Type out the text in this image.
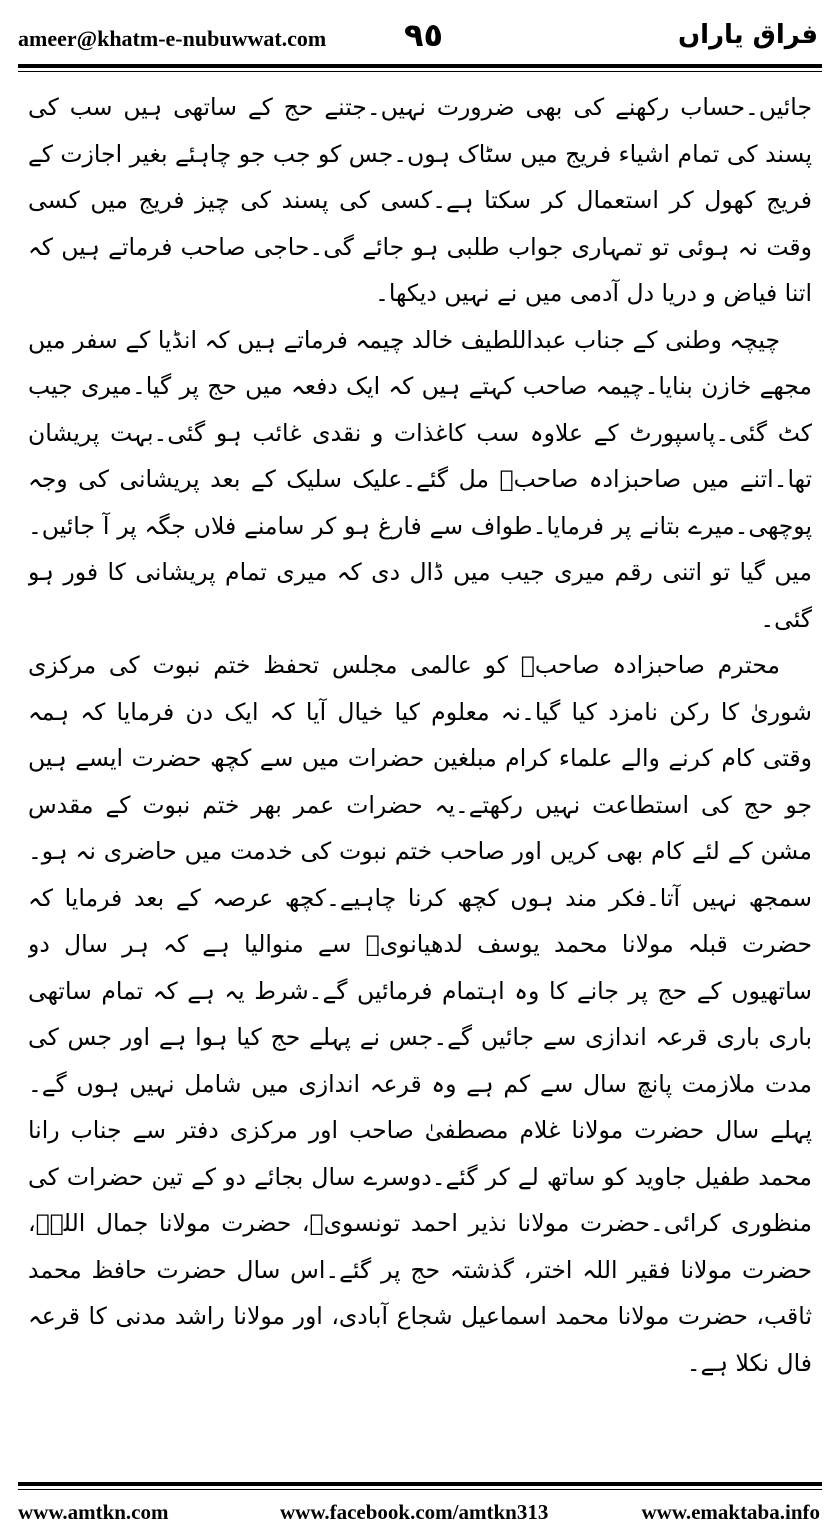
ameer@khatm-e-nubuwwat.com ٩٥	فراق یاراں

جائیں۔حساب رکھنے کی بھی ضرورت نہیں۔جتنے حج کے ساتھی ہیں سب کی پسند کی تمام اشیاء فریج میں سٹاک ہوں۔جس کو جب جو چاہئے بغیر اجازت کے فریج کھول کر استعمال کر سکتا ہے۔کسی کی پسند کی چیز فریج میں کسی وقت نہ ہوئی تو تمہاری جواب طلبی ہو جائے گی۔حاجی صاحب فرماتے ہیں کہ اتنا فیاض و دریا دل آدمی میں نے نہیں دیکھا۔

چیچہ وطنی کے جناب عبداللطیف خالد چیمہ فرماتے ہیں کہ انڈیا کے سفر میں مجھے خازن بنایا۔چیمہ صاحب کہتے ہیں کہ ایک دفعہ میں حج پر گیا۔میری جیب کٹ گئی۔پاسپورٹ کے علاوہ سب کاغذات و نقدی غائب ہو گئی۔بہت پریشان تھا۔اتنے میں صاحبزادہ صاحبؒ مل گئے۔علیک سلیک کے بعد پریشانی کی وجہ پوچھی۔میرے بتانے پر فرمایا۔طواف سے فارغ ہو کر سامنے فلاں جگہ پر آ جائیں۔میں گیا تو اتنی رقم میری جیب میں ڈال دی کہ میری تمام پریشانی کا فور ہو گئی۔

محترم صاحبزادہ صاحبؒ کو عالمی مجلس تحفظ ختم نبوت کی مرکزی شوریٰ کا رکن نامزد کیا گیا۔نہ معلوم کیا خیال آیا کہ ایک دن فرمایا کہ ہمہ وقتی کام کرنے والے علماء کرام مبلغین حضرات میں سے کچھ حضرت ایسے ہیں جو حج کی استطاعت نہیں رکھتے۔یہ حضرات عمر بھر ختم نبوت کے مقدس مشن کے لئے کام بھی کریں اور صاحب ختم نبوت کی خدمت میں حاضری نہ ہو۔سمجھ نہیں آتا۔فکر مند ہوں کچھ کرنا چاہیے۔کچھ عرصہ کے بعد فرمایا کہ حضرت قبلہ مولانا محمد یوسف لدھیانویؒ سے منوالیا ہے کہ ہر سال دو ساتھیوں کے حج پر جانے کا وہ اہتمام فرمائیں گے۔شرط یہ ہے کہ تمام ساتھی باری باری قرعہ اندازی سے جائیں گے۔جس نے پہلے حج کیا ہوا ہے اور جس کی مدت ملازمت پانچ سال سے کم ہے وہ قرعہ اندازی میں شامل نہیں ہوں گے۔پہلے سال حضرت مولانا غلام مصطفیٰ صاحب اور مرکزی دفتر سے جناب رانا محمد طفیل جاوید کو ساتھ لے کر گئے۔دوسرے سال بجائے دو کے تین حضرات کی منظوری کرائی۔حضرت مولانا نذیر احمد تونسویؒ، حضرت مولانا جمال اللہؒ، حضرت مولانا فقیر اللہ اختر، گذشتہ حج پر گئے۔اس سال حضرت حافظ محمد ثاقب، حضرت مولانا محمد اسماعیل شجاع آبادی، اور مولانا راشد مدنی کا قرعہ فال نکلا ہے۔

www.amtkn.com	www.facebook.com/amtkn313	www.emaktaba.info
